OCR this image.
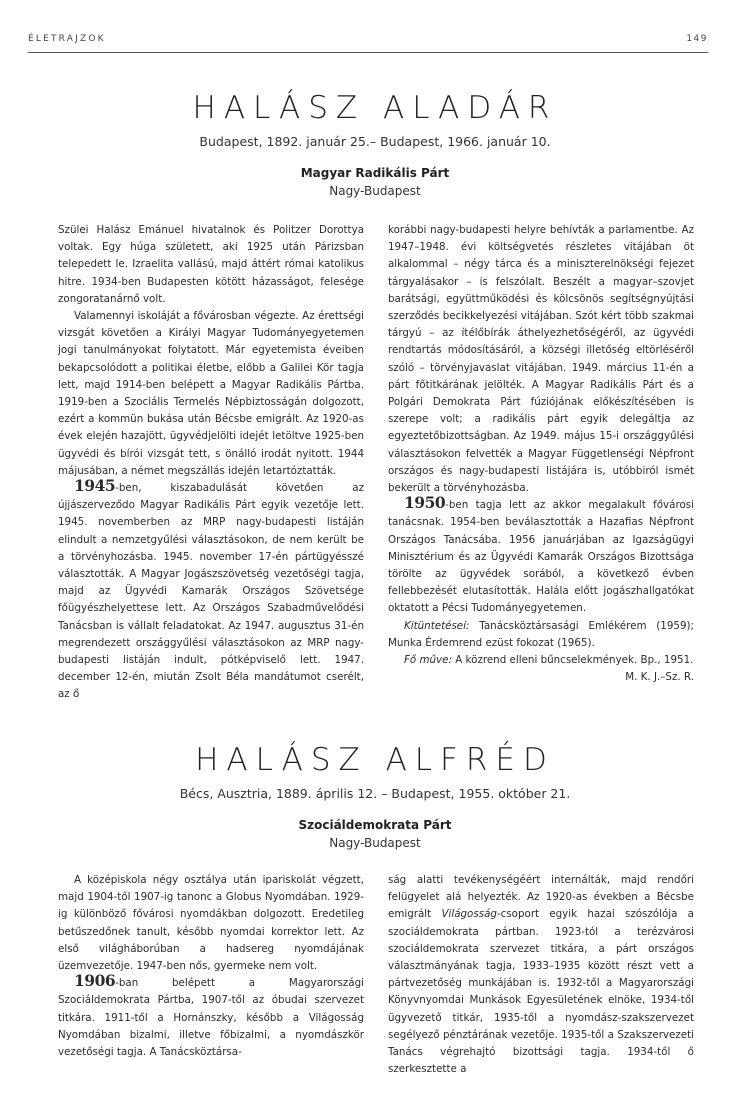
ÉLETRAJZOK	149
HALÁSZ ALADÁR
Budapest, 1892. január 25.– Budapest, 1966. január 10.
Magyar Radikális Párt
Nagy-Budapest

Szülei Halász Emánuel hivatalnok és Politzer Dorottya voltak. Egy húga született, aki 1925 után Párizsban telepedett le. Izraelita vallású, majd áttért római katolikus hitre. 1934-ben Budapesten kötött házasságot, felesége zongoratanárnő volt.

Valamennyi iskoláját a fővárosban végezte. Az érettségi vizsgát követően a Királyi Magyar Tudományegyetemen jogi tanulmányokat folytatott. Már egyetemista éveiben bekapcsolódott a politikai életbe, előbb a Galilei Kör tagja lett, majd 1914-ben belépett a Magyar Radikális Pártba. 1919-ben a Szociális Termelés Népbiztosságán dolgozott, ezért a kommün bukása után Bécsbe emigrált. Az 1920-as évek elején hazajött, ügyvédjelölti idejét letöltve 1925-ben ügyvédi és bírói vizsgát tett, s önálló irodát nyitott. 1944 májusában, a német megszállás idején letartóztatták.

1945-ben, kiszabadulását követően az újjászerveződo Magyar Radikális Párt egyik vezetője lett. 1945. novemberben az MRP nagy-budapesti listáján elindult a nemzetgyűlési választásokon, de nem került be a törvényhozásba. 1945. november 17-én pártügyésszé választották. A Magyar Jogászszövetség vezetőségi tagja, majd az Ügyvédi Kamarák Országos Szövetsége főügyészhelyettese lett. Az Országos Szabadművelődési Tanácsban is vállalt feladatokat. Az 1947. augusztus 31-én megrendezett országgyűlési választásokon az MRP nagy-budapesti listáján indult, pótképviselő lett. 1947. december 12-én, miután Zsolt Béla mandátumot cserélt, az ő

korábbi nagy-budapesti helyre behívták a parlamentbe. Az 1947–1948. évi költségvetés részletes vitájában öt alkalommal – négy tárca és a miniszterelnökségi fejezet tárgyalásakor – is felszólalt. Beszélt a magyar–szovjet barátsági, együttműködési és kölcsönös segítségnyújtási szerződés becikkelyezési vitájában. Szót kért több szakmai tárgyú – az ítélőbírák áthelyezhetőségéről, az ügyvédi rendtartás módosításáról, a községi illetőség eltörléséről szóló – törvényjavaslat vitájában. 1949. március 11-én a párt főtitkárának jelölték. A Magyar Radikális Párt és a Polgári Demokrata Párt fúziójának előkészítésében is szerepe volt; a radikális párt egyik delegáltja az egyeztetőbizottságban. Az 1949. május 15-i országgyűlési választásokon felvették a Magyar Függetlenségi Népfront országos és nagy-budapesti listájára is, utóbbiról ismét bekerült a törvényhozásba.

1950-ben tagja lett az akkor megalakult fővárosi tanácsnak. 1954-ben beválasztották a Hazafias Népfront Országos Tanácsába. 1956 januárjában az Igazságügyi Minisztérium és az Ügyvédi Kamarák Országos Bizottsága törölte az ügyvédek sorából, a következő évben fellebbezését elutasították. Halála előtt jogászhallgatókat oktatott a Pécsi Tudományegyetemen.

Kitüntetései: Tanácsköztársasági Emlékérem (1959); Munka Érdemrend ezüst fokozat (1965).

Fő műve: A közrend elleni bűncselekmények. Bp., 1951.

M. K. J.–Sz. R.

HALÁSZ ALFRÉD
Bécs, Ausztria, 1889. április 12. – Budapest, 1955. október 21.
Szociáldemokrata Párt
Nagy-Budapest

A középiskola négy osztálya után ipariskolát végzett, majd 1904-től 1907-ig tanonc a Globus Nyomdában. 1929-ig különböző fővárosi nyomdákban dolgozott. Eredetileg betűszedőnek tanult, később nyomdai korrektor lett. Az első világháborúban a hadsereg nyomdájának üzemvezetője. 1947-ben nős, gyermeke nem volt.

1906-ban belépett a Magyarországi Szociáldemokrata Pártba, 1907-től az óbudai szervezet titkára. 1911-től a Hornánszky, később a Világosság Nyomdában bizalmi, illetve főbizalmi, a nyomdászkör vezetőségi tagja. A Tanácsköztársa-

ság alatti tevékenységéért internálták, majd rendőri felügyelet alá helyezték. Az 1920-as években a Bécsbe emigrált Világosság-csoport egyik hazai szószólója a szociáldemokrata pártban. 1923-tól a terézvárosi szociáldemokrata szervezet titkára, a párt országos választmányának tagja, 1933–1935 között részt vett a pártvezetőség munkájában is. 1932-től a Magyarországi Könyvnyomdai Munkások Egyesületének elnöke, 1934-től ügyvezető titkár, 1935-től a nyomdász-szakszervezet segélyező pénztárának vezetője. 1935-től a Szakszervezeti Tanács végrehajtó bizottsági tagja. 1934-től ő szerkesztette a
